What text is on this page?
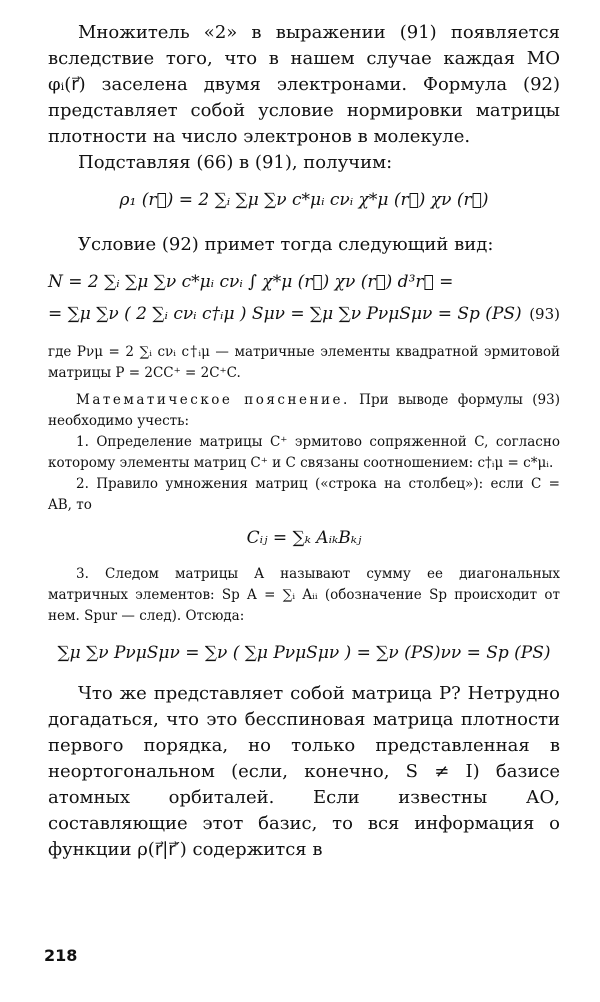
Множитель «2» в выражении (91) появляется вследствие того, что в нашем случае каждая МО φᵢ(r⃗) заселена двумя электронами. Формула (92) представляет собой условие нормировки матрицы плотности на число электронов в молекуле.

Подставляя (66) в (91), получим:

ρ₁ (r⃗) = 2 ∑ᵢ ∑μ ∑ν c*μᵢ cνᵢ χ*μ (r⃗) χν (r⃗)

Условие (92) примет тогда следующий вид:

N = 2 ∑ᵢ ∑μ ∑ν c*μᵢ cνᵢ ∫ χ*μ (r⃗) χν (r⃗) d³r⃗ =
= ∑μ ∑ν ( 2 ∑ᵢ cνᵢ c†ᵢμ ) Sμν = ∑μ ∑ν PνμSμν = Sp (PS) (93)

где Pνμ = 2 ∑ᵢ cνᵢ c†ᵢμ — матричные элементы квадратной эрмитовой матрицы P = 2CC⁺ = 2C⁺C.

Математическое пояснение. При выводе формулы (93) необходимо учесть:

1. Определение матрицы C⁺ эрмитово сопряженной C, согласно которому элементы матриц C⁺ и C связаны соотношением: c†ᵢμ = c*μᵢ.

2. Правило умножения матриц («строка на столбец»): если C = AB, то

Cᵢⱼ = ∑ₖ AᵢₖBₖⱼ

3. Следом матрицы A называют сумму ее диагональных матричных элементов: Sp A = ∑ᵢ Aᵢᵢ (обозначение Sp происходит от нем. Spur — след). Отсюда:

∑μ ∑ν PνμSμν = ∑ν ( ∑μ PνμSμν ) = ∑ν (PS)νν = Sp (PS)

Что же представляет собой матрица P? Нетрудно догадаться, что это бесспиновая матрица плотности первого порядка, но только представленная в неортогональном (если, конечно, S ≠ I) базисе атомных орбиталей. Если известны АО, составляющие этот базис, то вся информация о функции ρ(r⃗|r⃗′) содержится в

218
